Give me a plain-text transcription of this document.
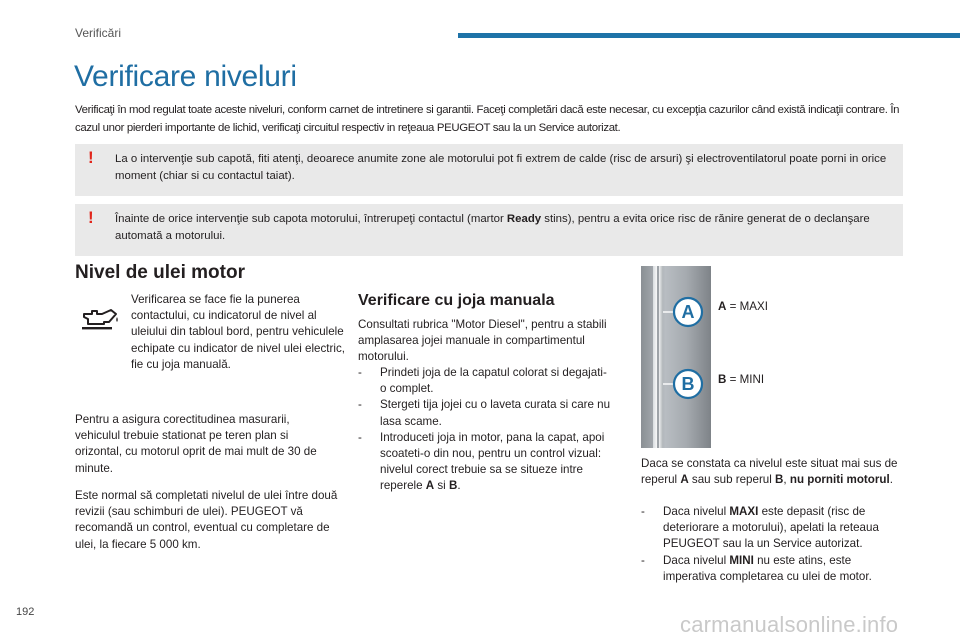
Verificări
Verificare niveluri

Verificaţi în mod regulat toate aceste niveluri, conform carnet de intretinere si garantii. Faceţi completări dacă este necesar, cu excepţia cazurilor când există indicaţii contrare. În cazul unor pierderi importante de lichid, verificaţi circuitul respectiv in reţeaua PEUGEOT sau la un Service autorizat.

! La o intervenţie sub capotă, fiti atenţi, deoarece anumite zone ale motorului pot fi extrem de calde (risc de arsuri) şi electroventilatorul poate porni in orice moment (chiar si cu contactul taiat).

! Înainte de orice intervenţie sub capota motorului, întrerupeţi contactul (martor Ready stins), pentru a evita orice risc de rănire generat de o declanşare automată a motorului.

Nivel de ulei motor

Verificarea se face fie la punerea contactului, cu indicatorul de nivel al uleiului din tabloul bord, pentru vehiculele echipate cu indicator de nivel ulei electric, fie cu joja manuală.

Pentru a asigura corectitudinea masurarii, vehiculul trebuie stationat pe teren plan si orizontal, cu motorul oprit de mai mult de 30 de minute.

Este normal să completati nivelul de ulei între două revizii (sau schimburi de ulei). PEUGEOT vă recomandă un control, eventual cu completare de ulei, la fiecare 5 000 km.

Verificare cu joja manuala

Consultati rubrica "Motor Diesel", pentru a stabili amplasarea jojei manuale in compartimentul motorului.

- Prindeti joja de la capatul colorat si degajati-o complet.
- Stergeti tija jojei cu o laveta curata si care nu lasa scame.
- Introduceti joja in motor, pana la capat, apoi scoateti-o din nou, pentru un control vizual: nivelul corect trebuie sa se situeze intre reperele A si B.
A
B
A = MAXI
B = MINI

Daca se constata ca nivelul este situat mai sus de reperul A sau sub reperul B, nu porniti motorul.

- Daca nivelul MAXI este depasit (risc de deteriorare a motorului), apelati la reteaua PEUGEOT sau la un Service autorizat.
- Daca nivelul MINI nu este atins, este imperativa completarea cu ulei de motor.
192	carmanualsonline.info
